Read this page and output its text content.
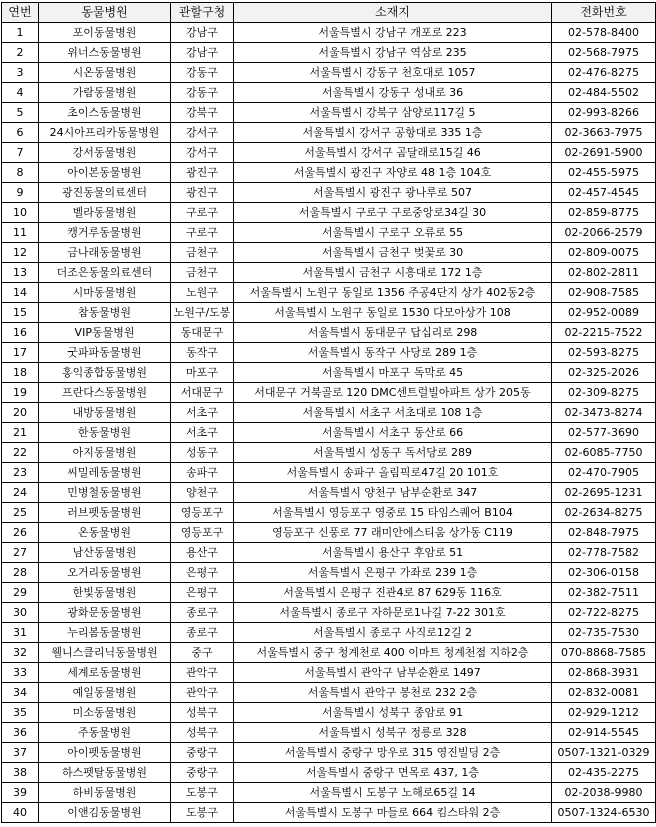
연번	동물병원	관할구청	소재지	전화번호
1	포이동물병원	강남구	서울특별시 강남구 개포로 223	02-578-8400
2	위너스동물병원	강남구	서울특별시 강남구 역삼로 235	02-568-7975
3	시온동물병원	강동구	서울특별시 강동구 천호대로 1057	02-476-8275
4	가람동물병원	강동구	서울특별시 강동구 성내로 36	02-484-5502
5	초이스동물병원	강북구	서울특별시 강북구 삼양로117길 5	02-993-8266
6	24시아프리카동물병원	강서구	서울특별시 강서구 공항대로 335 1층	02-3663-7975
7	강서동물병원	강서구	서울특별시 강서구 곰달래로15길 46	02-2691-5900
8	아이본동물병원	광진구	서울특별시 광진구 자양로 48 1층 104호	02-455-5975
9	광진동물의료센터	광진구	서울특별시 광진구 광나루로 507	02-457-4545
10	벨라동물병원	구로구	서울특별시 구로구 구로중앙로34길 30	02-859-8775
11	캥거루동물병원	구로구	서울특별시 구로구 오류로 55	02-2066-2579
12	금나래동물병원	금천구	서울특별시 금천구 벚꽃로 30	02-809-0075
13	더조은동물의료센터	금천구	서울특별시 금천구 시흥대로 172 1층	02-802-2811
14	시마동물병원	노원구	서울특별시 노원구 동일로 1356 주공4단지 상가 402동2층	02-908-7585
15	참동물병원	노원구/도봉	서울특별시 노원구 동일로 1530 다모아상가 108	02-952-0089
16	VIP동물병원	동대문구	서울특별시 동대문구 답십리로 298	02-2215-7522
17	굿파파동물병원	동작구	서울특별시 동작구 사당로 289 1층	02-593-8275
18	홍익종합동물병원	마포구	서울특별시 마포구 독막로 45	02-325-2026
19	프란다스동물병원	서대문구	서대문구 거북골로 120 DMC센트럴빌아파트 상가 205동	02-309-8275
20	내방동물병원	서초구	서울특별시 서초구 서초대로 108 1층	02-3473-8274
21	한동물병원	서초구	서울특별시 서초구 동산로 66	02-577-3690
22	아지동물병원	성동구	서울특별시 성동구 독서당로 289	02-6085-7750
23	씨밀레동물병원	송파구	서울특별시 송파구 올림픽로47길 20 101호	02-470-7905
24	민병철동물병원	양천구	서울특별시 양천구 남부순환로 347	02-2695-1231
25	러브펫동물병원	영등포구	서울특별시 영등포구 영중로 15 타임스퀘어 B104	02-2634-8275
26	온동물병원	영등포구	영등포구 신풍로 77 래미안에스티움 상가동 C119	02-848-7975
27	남산동물병원	용산구	서울특별시 용산구 후암로 51	02-778-7582
28	오거리동물병원	은평구	서울특별시 은평구 가좌로 239 1층	02-306-0158
29	한빛동물병원	은평구	서울특별시 은평구 진관4로 87 629동 116호	02-382-7511
30	광화문동물병원	종로구	서울특별시 종로구 자하문로1나길 7-22 301호	02-722-8275
31	누리봄동물병원	종로구	서울특별시 종로구 사직로12길 2	02-735-7530
32	웰니스클리닉동물병원	중구	서울특별시 중구 청계천로 400 이마트 청계천점 지하2층	070-8868-7585
33	세계로동물병원	관악구	서울특별시 관악구 남부순환로 1497	02-868-3931
34	예일동물병원	관악구	서울특별시 관악구 봉천로 232 2층	02-832-0081
35	미소동물병원	성북구	서울특별시 성북구 종암로 91	02-929-1212
36	주동물병원	성북구	서울특별시 성북구 정릉로 328	02-914-5545
37	아이펫동물병원	중랑구	서울특별시 중랑구 망우로 315 영진빌딩 2층	0507-1321-0329
38	하스펫탈동물병원	중랑구	서울특별시 중랑구 면목로 437, 1층	02-435-2275
39	하비동물병원	도봉구	서울특별시 도봉구 노해로65길 14	02-2038-9980
40	이앤김동물병원	도봉구	서울특별시 도봉구 마들로 664 킴스타워 2층	0507-1324-6530
